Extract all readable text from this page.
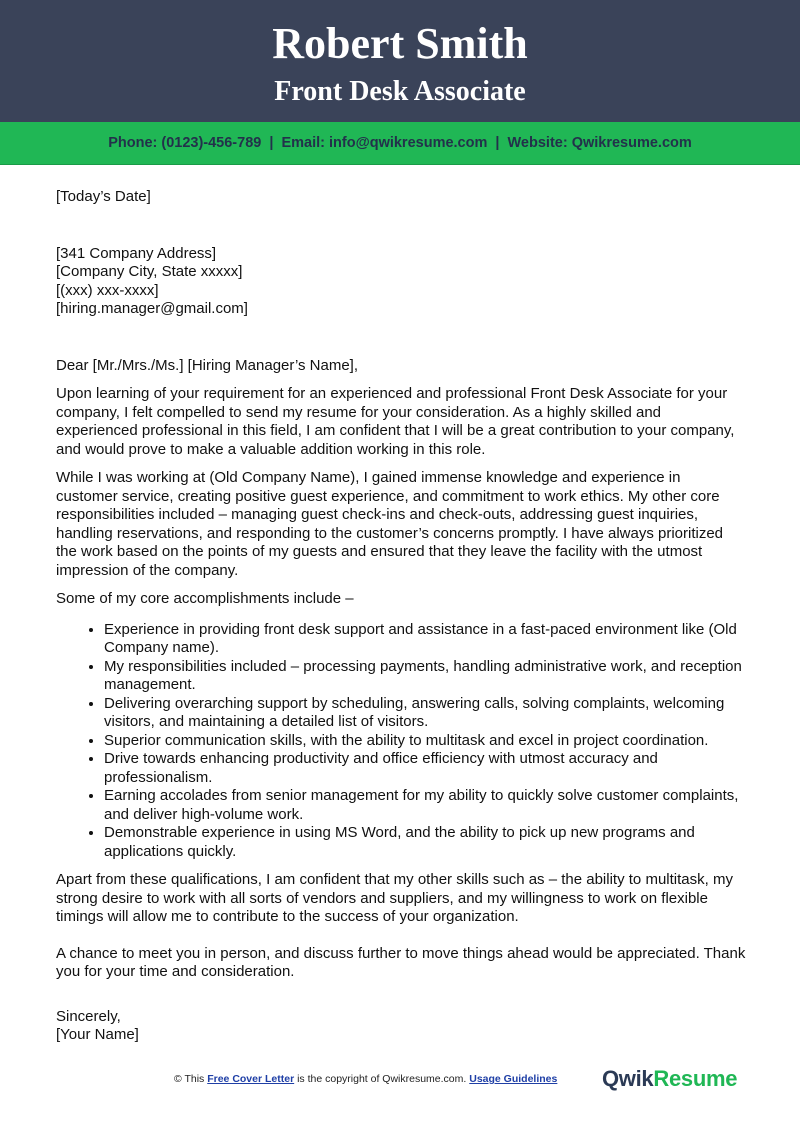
Robert Smith
Front Desk Associate
Phone: (0123)-456-789 | Email: info@qwikresume.com | Website: Qwikresume.com

[Today’s Date]

[341 Company Address]

[Company City, State xxxxx]

[(xxx) xxx-xxxx]

[hiring.manager@gmail.com]

Dear [Mr./Mrs./Ms.] [Hiring Manager’s Name],

Upon learning of your requirement for an experienced and professional Front Desk Associate for your company, I felt compelled to send my resume for your consideration. As a highly skilled and experienced professional in this field, I am confident that I will be a great contribution to your company, and would prove to make a valuable addition working in this role.

While I was working at (Old Company Name), I gained immense knowledge and experience in customer service, creating positive guest experience, and commitment to work ethics. My other core responsibilities included – managing guest check-ins and check-outs, addressing guest inquiries, handling reservations, and responding to the customer’s concerns promptly. I have always prioritized the work based on the points of my guests and ensured that they leave the facility with the utmost impression of the company.

Some of my core accomplishments include –

• Experience in providing front desk support and assistance in a fast-paced environment like (Old Company name).
• My responsibilities included – processing payments, handling administrative work, and reception management.
• Delivering overarching support by scheduling, answering calls, solving complaints, welcoming visitors, and maintaining a detailed list of visitors.
• Superior communication skills, with the ability to multitask and excel in project coordination.
• Drive towards enhancing productivity and office efficiency with utmost accuracy and professionalism.
• Earning accolades from senior management for my ability to quickly solve customer complaints, and deliver high-volume work.
• Demonstrable experience in using MS Word, and the ability to pick up new programs and applications quickly.

Apart from these qualifications, I am confident that my other skills such as – the ability to multitask, my strong desire to work with all sorts of vendors and suppliers, and my willingness to work on flexible timings will allow me to contribute to the success of your organization.

A chance to meet you in person, and discuss further to move things ahead would be appreciated. Thank you for your time and consideration.

Sincerely,

[Your Name]

© This Free Cover Letter is the copyright of Qwikresume.com. Usage Guidelines QwikResume
